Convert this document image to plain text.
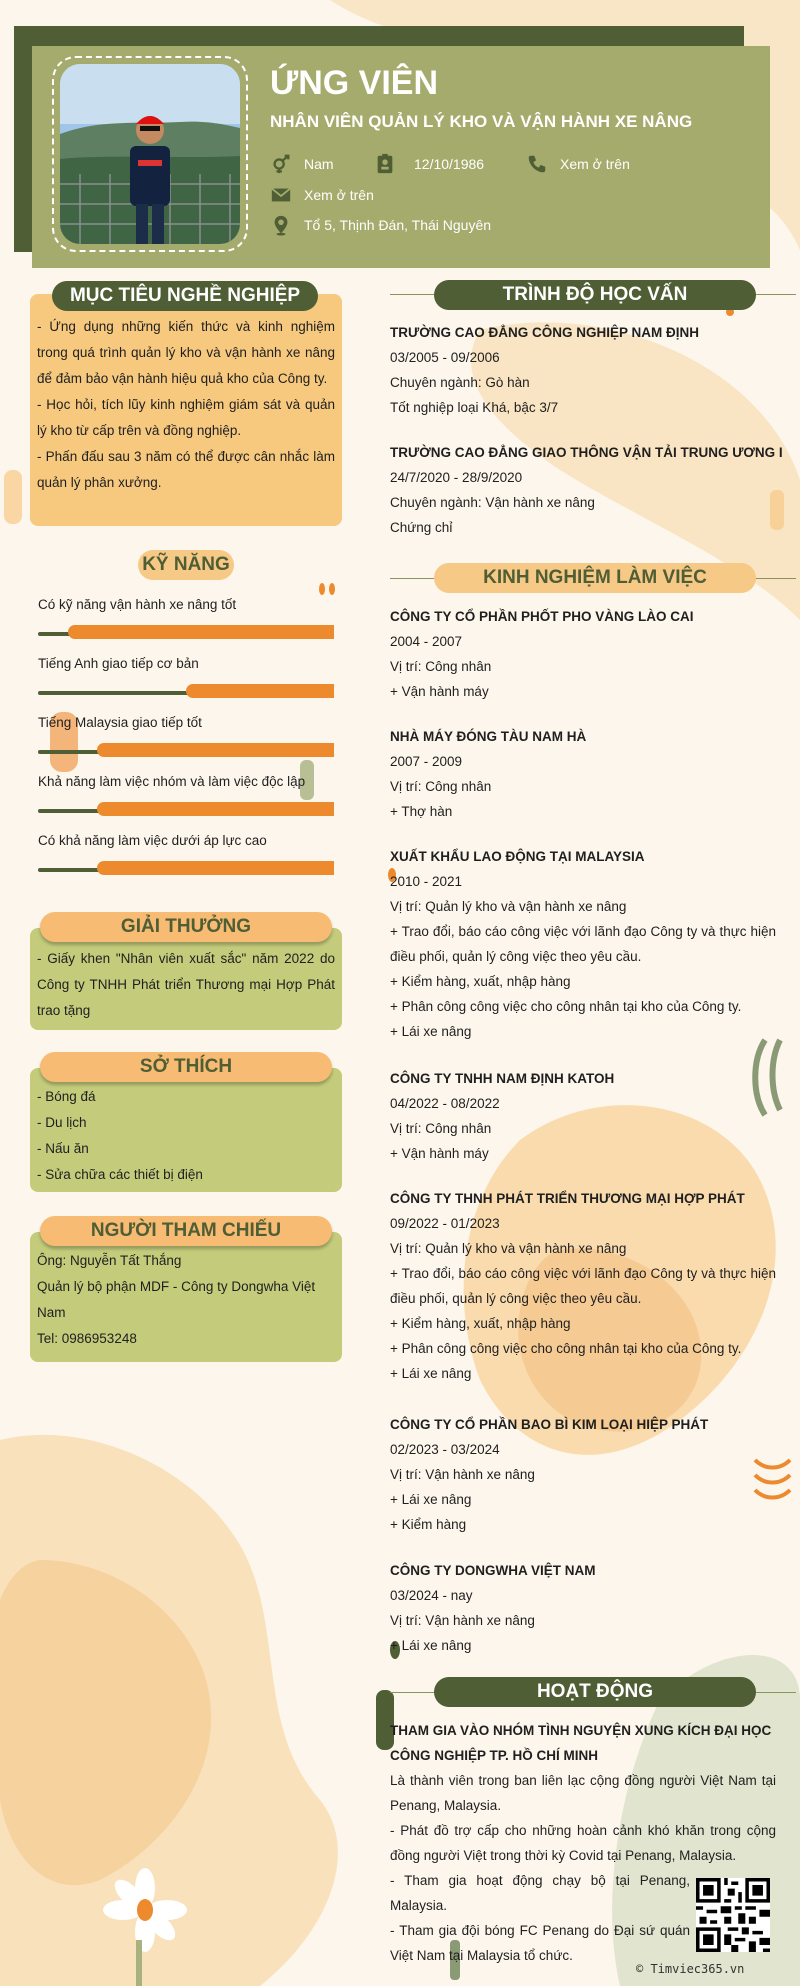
ỨNG VIÊN
NHÂN VIÊN QUẢN LÝ KHO VÀ VẬN HÀNH XE NÂNG
Nam	12/10/1986	Xem ở trên
Xem ở trên
Tổ 5, Thịnh Đán, Thái Nguyên

- Ứng dụng những kiến thức và kinh nghiệm trong quá trình quản lý kho và vận hành xe nâng để đảm bảo vận hành hiệu quả kho của Công ty.

- Học hỏi, tích lũy kinh nghiệm giám sát và quản lý kho từ cấp trên và đồng nghiệp.

- Phấn đấu sau 3 năm có thể được cân nhắc làm quản lý phân xưởng.

MỤC TIÊU NGHỀ NGHIỆP
KỸ NĂNG
Có kỹ năng vận hành xe nâng tốt
Tiếng Anh giao tiếp cơ bản
Tiếng Malaysia giao tiếp tốt
Khả năng làm việc nhóm và làm việc độc lập
Có khả năng làm việc dưới áp lực cao

- Giấy khen "Nhân viên xuất sắc" năm 2022 do Công ty TNHH Phát triển Thương mại Hợp Phát trao tặng

GIẢI THƯỞNG
- Bóng đá
- Du lịch
- Nấu ăn
- Sửa chữa các thiết bị điện
SỞ THÍCH
Ông: Nguyễn Tất Thắng
Quản lý bộ phận MDF - Công ty Dongwha Việt Nam
Tel: 0986953248
NGƯỜI THAM CHIẾU
TRÌNH ĐỘ HỌC VẤN
TRƯỜNG CAO ĐẲNG CÔNG NGHIỆP NAM ĐỊNH
03/2005 - 09/2006
Chuyên ngành: Gò hàn
Tốt nghiệp loại Khá, bậc 3/7
TRƯỜNG CAO ĐẲNG GIAO THÔNG VẬN TẢI TRUNG ƯƠNG I
24/7/2020 - 28/9/2020
Chuyên ngành: Vận hành xe nâng
Chứng chỉ
KINH NGHIỆM LÀM VIỆC
CÔNG TY CỔ PHẦN PHỐT PHO VÀNG LÀO CAI
2004 - 2007

Vị trí: Công nhân

+ Vận hành máy

NHÀ MÁY ĐÓNG TÀU NAM HÀ
2007 - 2009

Vị trí: Công nhân

+ Thợ hàn

XUẤT KHẨU LAO ĐỘNG TẠI MALAYSIA
2010 - 2021

Vị trí: Quản lý kho và vận hành xe nâng

+ Trao đổi, báo cáo công việc với lãnh đạo Công ty và thực hiện điều phối, quản lý công việc theo yêu cầu.

+ Kiểm hàng, xuất, nhập hàng

+ Phân công công việc cho công nhân tại kho của Công ty.

+ Lái xe nâng

CÔNG TY TNHH NAM ĐỊNH KATOH
04/2022 - 08/2022

Vị trí: Công nhân

+ Vận hành máy

CÔNG TY THNH PHÁT TRIỂN THƯƠNG MẠI HỢP PHÁT
09/2022 - 01/2023

Vị trí: Quản lý kho và vận hành xe nâng

+ Trao đổi, báo cáo công việc với lãnh đạo Công ty và thực hiện điều phối, quản lý công việc theo yêu cầu.

+ Kiểm hàng, xuất, nhập hàng

+ Phân công công việc cho công nhân tại kho của Công ty.

+ Lái xe nâng

CÔNG TY CỔ PHẦN BAO BÌ KIM LOẠI HIỆP PHÁT
02/2023 - 03/2024

Vị trí: Vận hành xe nâng

+ Lái xe nâng

+ Kiểm hàng

CÔNG TY DONGWHA VIỆT NAM
03/2024 - nay

Vị trí: Vận hành xe nâng

+ Lái xe nâng

HOẠT ĐỘNG
THAM GIA VÀO NHÓM TÌNH NGUYỆN XUNG KÍCH ĐẠI HỌC CÔNG NGHIỆP TP. HỒ CHÍ MINH

Là thành viên trong ban liên lạc cộng đồng người Việt Nam tại Penang, Malaysia.

- Phát đồ trợ cấp cho những hoàn cảnh khó khăn trong cộng đồng người Việt trong thời kỳ Covid tại Penang, Malaysia.

- Tham gia hoạt động chạy bộ tại Penang, Malaysia.

- Tham gia đội bóng FC Penang do Đại sứ quán Việt Nam tại Malaysia tổ chức.

© Timviec365.vn
